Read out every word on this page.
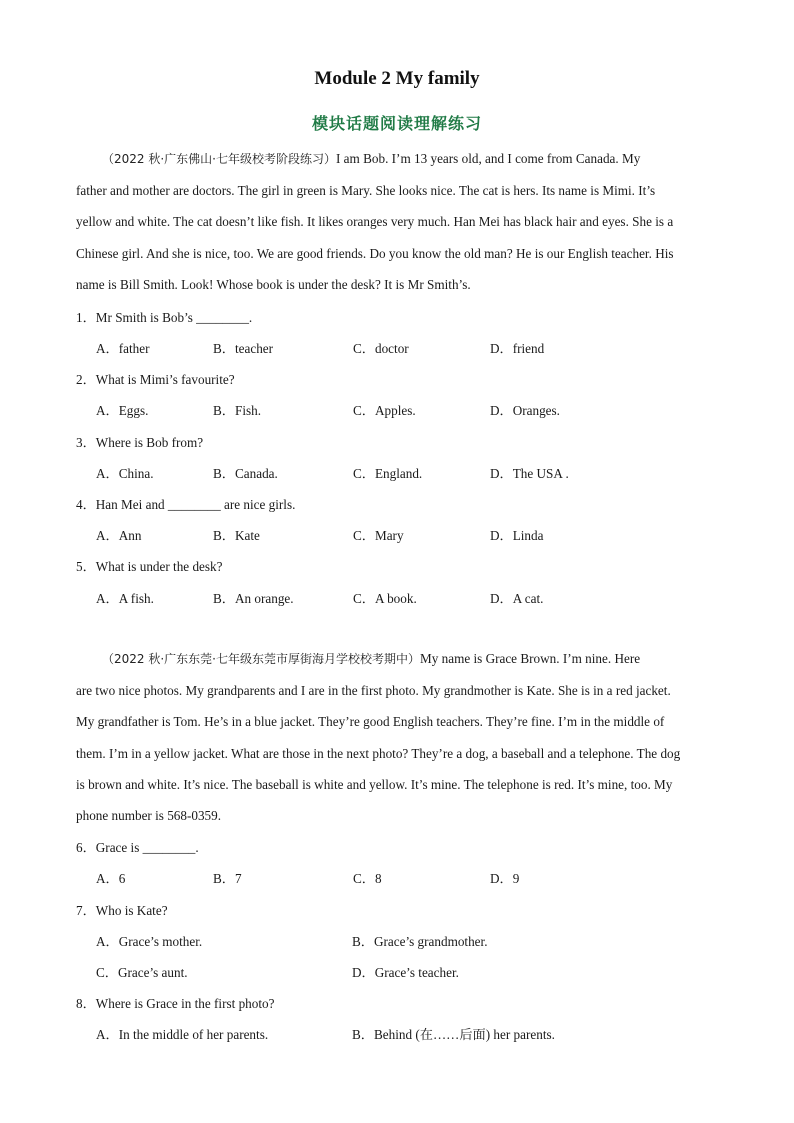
Module 2 My family
模块话题阅读理解练习
（2022 秋·广东佛山·七年级校考阶段练习）I am Bob. I’m 13 years old, and I come from Canada. My
father and mother are doctors. The girl in green is Mary. She looks nice. The cat is hers. Its name is Mimi. It’s
yellow and white. The cat doesn’t like fish. It likes oranges very much. Han Mei has black hair and eyes. She is a
Chinese girl. And she is nice, too. We are good friends. Do you know the old man? He is our English teacher. His
name is Bill Smith. Look! Whose book is under the desk? It is Mr Smith’s.
1．Mr Smith is Bob’s ________.
A．father	B．teacher	C．doctor	D．friend
2．What is Mimi’s favourite?
A．Eggs.	B．Fish.	C．Apples.	D．Oranges.
3．Where is Bob from?
A．China.	B．Canada.	C．England.	D．The USA .
4．Han Mei and ________ are nice girls.
A．Ann	B．Kate	C．Mary	D．Linda
5．What is under the desk?
A．A fish.	B．An orange.	C．A book.	D．A cat.
（2022 秋·广东东莞·七年级东莞市厚街海月学校校考期中）My name is Grace Brown. I’m nine. Here
are two nice photos. My grandparents and I are in the first photo. My grandmother is Kate. She is in a red jacket.
My grandfather is Tom. He’s in a blue jacket. They’re good English teachers. They’re fine. I’m in the middle of
them. I’m in a yellow jacket. What are those in the next photo? They’re a dog, a baseball and a telephone. The dog
is brown and white. It’s nice. The baseball is white and yellow. It’s mine. The telephone is red. It’s mine, too. My
phone number is 568-0359.
6．Grace is ________.
A．6	B．7	C．8	D．9
7．Who is Kate?
A．Grace’s mother.	B．Grace’s grandmother.
C．Grace’s aunt.	D．Grace’s teacher.
8．Where is Grace in the first photo?
A．In the middle of her parents.	B．Behind (在……后面) her parents.
